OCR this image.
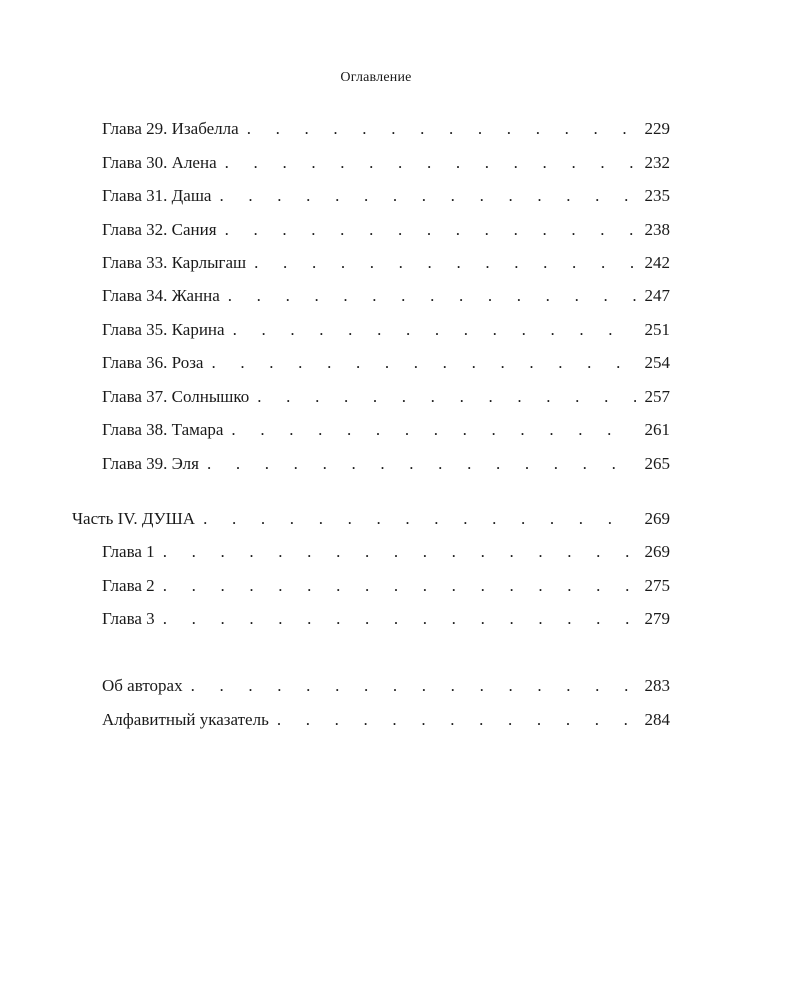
Оглавление
Глава 29. Изабелла . . .	229
Глава 30. Алена . . .	232
Глава 31. Даша . . .	235
Глава 32. Сания . . .	238
Глава 33. Карлыгаш . . .	242
Глава 34. Жанна . . .	247
Глава 35. Карина . . .	251
Глава 36. Роза . . .	254
Глава 37. Солнышко . . .	257
Глава 38. Тамара . . .	261
Глава 39. Эля . . .	265
Часть IV. ДУША . . .	269
Глава 1 . . .	269
Глава 2 . . .	275
Глава 3 . . .	279
Об авторах . . .	283
Алфавитный указатель . . .	284
